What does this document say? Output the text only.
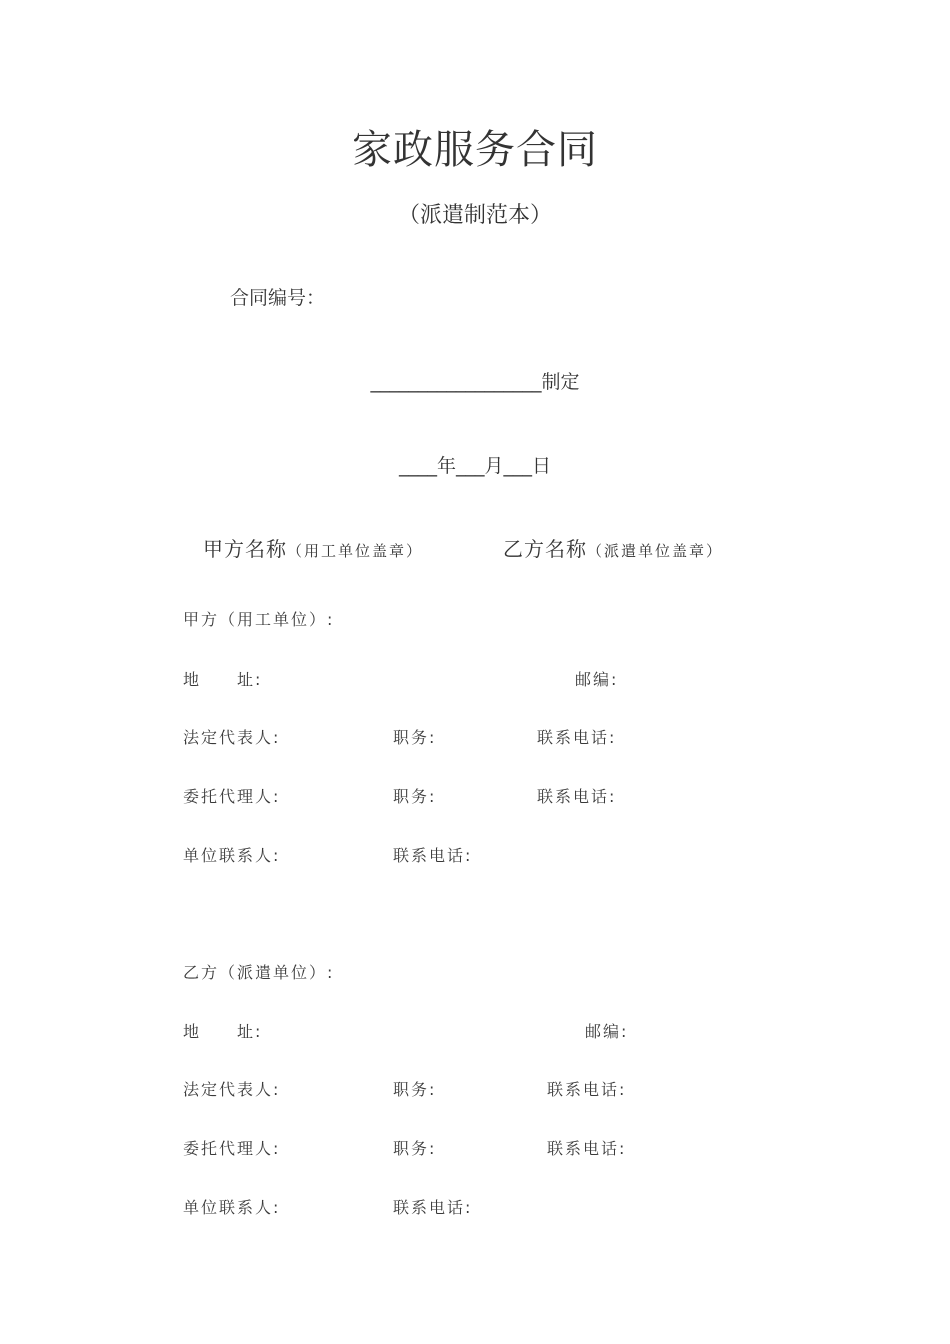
家政服务合同
（派遣制范本）
合同编号：
__________________制定
____年___月___日
甲方名称（用工单位盖章）	乙方名称（派遣单位盖章）
甲方（用工单位）:
地　　址:	邮编:
法定代表人:	职务:	联系电话:
委托代理人:	职务:	联系电话:
单位联系人:	联系电话:
乙方（派遣单位）:
地　　址:	邮编:
法定代表人:	职务:	联系电话:
委托代理人:	职务:	联系电话:
单位联系人:	联系电话:
